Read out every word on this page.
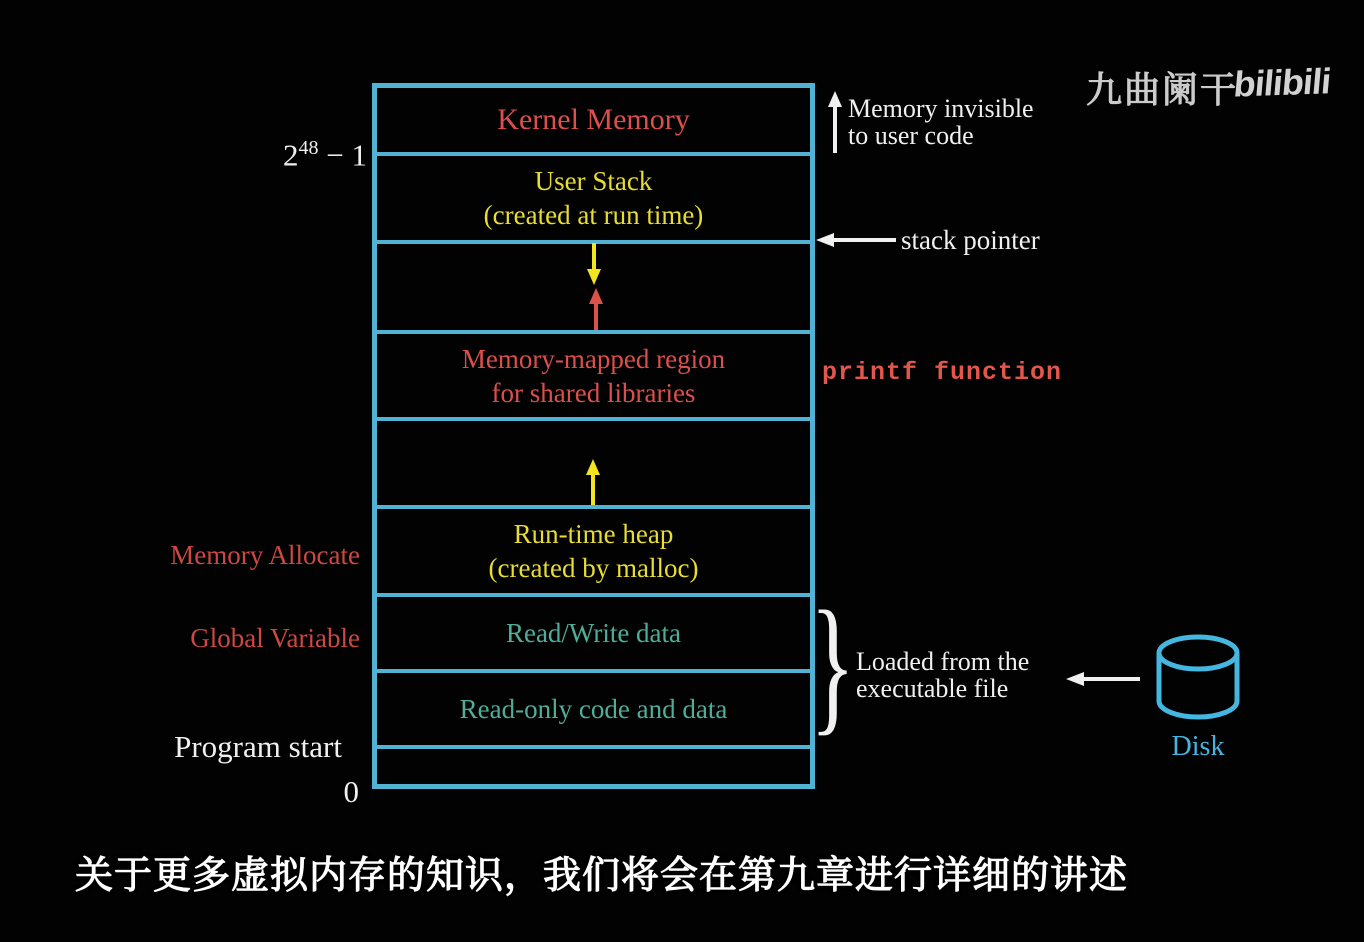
Kernel Memory
User Stack
(created at run time)
Memory-mapped region
for shared libraries
Run-time heap
(created by malloc)
Read/Write data
Read-only code and data
$2^{48} - 1$
Memory Allocate
Global Variable
Program start
0
Memory invisible
to user code
stack pointer
printf function
} Loaded from the
executable file
Disk
九曲阑干
bilibili
关于更多虚拟内存的知识，我们将会在第九章进行详细的讲述
